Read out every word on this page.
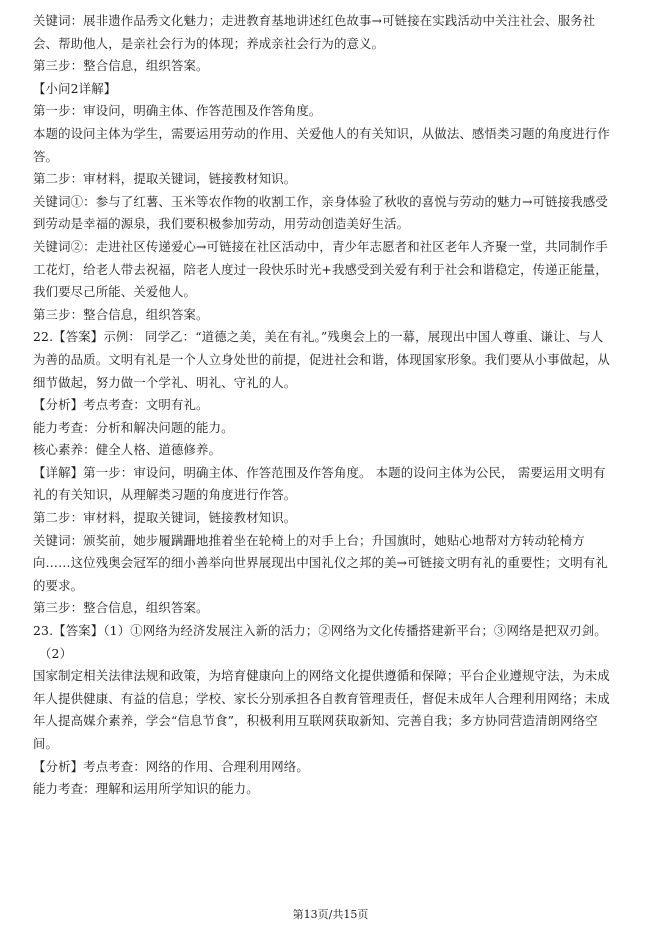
关键词：展非遗作品秀文化魅力；走进教育基地讲述红色故事→可链接在实践活动中关注社会、服务社
会、帮助他人，是亲社会行为的体现；养成亲社会行为的意义。
第三步：整合信息，组织答案。
【小问2详解】
第一步：审设问，明确主体、作答范围及作答角度。
本题的设问主体为学生，需要运用劳动的作用、关爱他人的有关知识，从做法、感悟类习题的角度进行作
答。
第二步：审材料，提取关键词，链接教材知识。
关键词①：参与了红薯、玉米等农作物的收割工作，亲身体验了秋收的喜悦与劳动的魅力→可链接我感受
到劳动是幸福的源泉，我们要积极参加劳动，用劳动创造美好生活。
关键词②：走进社区传递爱心→可链接在社区活动中，青少年志愿者和社区老年人齐聚一堂，共同制作手
工花灯，给老人带去祝福，陪老人度过一段快乐时光+我感受到关爱有利于社会和谐稳定，传递正能量，
我们要尽己所能、关爱他人。
第三步：整合信息，组织答案。
22.【答案】示例： 同学乙：“道德之美，美在有礼。”残奥会上的一幕，展现出中国人尊重、谦让、与人
为善的品质。文明有礼是一个人立身处世的前提，促进社会和谐，体现国家形象。我们要从小事做起，从
细节做起，努力做一个学礼、明礼、守礼的人。
【分析】考点考查：文明有礼。
能力考查：分析和解决问题的能力。
核心素养：健全人格、道德修养。
【详解】第一步：审设问，明确主体、作答范围及作答角度。 本题的设问主体为公民， 需要运用文明有
礼的有关知识，从理解类习题的角度进行作答。
第二步：审材料，提取关键词，链接教材知识。
关键词：颁奖前，她步履蹒跚地推着坐在轮椅上的对手上台；升国旗时，她贴心地帮对方转动轮椅方
向……这位残奥会冠军的细小善举向世界展现出中国礼仪之邦的美→可链接文明有礼的重要性；文明有礼
的要求。
第三步：整合信息，组织答案。
23.【答案】（1）①网络为经济发展注入新的活力；②网络为文化传播搭建新平台；③网络是把双刃剑。
（2）
国家制定相关法律法规和政策，为培育健康向上的网络文化提供遵循和保障；平台企业遵规守法，为未成
年人提供健康、有益的信息；学校、家长分别承担各自教育管理责任，督促未成年人合理利用网络；未成
年人提高媒介素养，学会“信息节食”，积极利用互联网获取新知、完善自我；多方协同营造清朗网络空
间。
【分析】考点考查：网络的作用、合理利用网络。
能力考查：理解和运用所学知识的能力。
第13页/共15页
